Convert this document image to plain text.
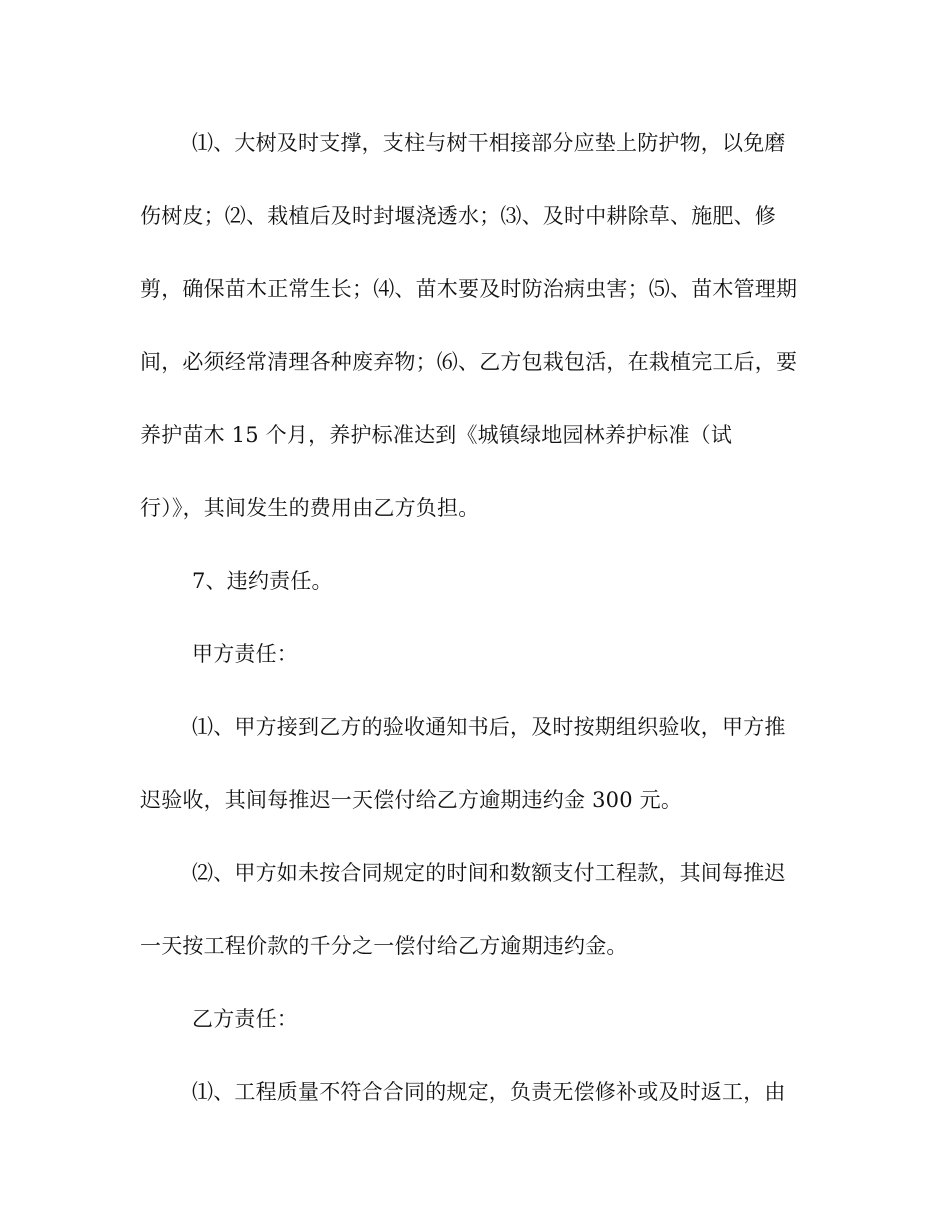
⑴、大树及时支撑，支柱与树干相接部分应垫上防护物，以免磨
伤树皮；⑵、栽植后及时封堰浇透水；⑶、及时中耕除草、施肥、修
剪，确保苗木正常生长；⑷、苗木要及时防治病虫害；⑸、苗木管理期
间，必须经常清理各种废弃物；⑹、乙方包栽包活，在栽植完工后，要
养护苗木 15 个月，养护标准达到《城镇绿地园林养护标准（试
行）》，其间发生的费用由乙方负担。
7、违约责任。
甲方责任：
⑴、甲方接到乙方的验收通知书后，及时按期组织验收，甲方推
迟验收，其间每推迟一天偿付给乙方逾期违约金 300 元。
⑵、甲方如未按合同规定的时间和数额支付工程款，其间每推迟
一天按工程价款的千分之一偿付给乙方逾期违约金。
乙方责任：
⑴、工程质量不符合合同的规定，负责无偿修补或及时返工，由
